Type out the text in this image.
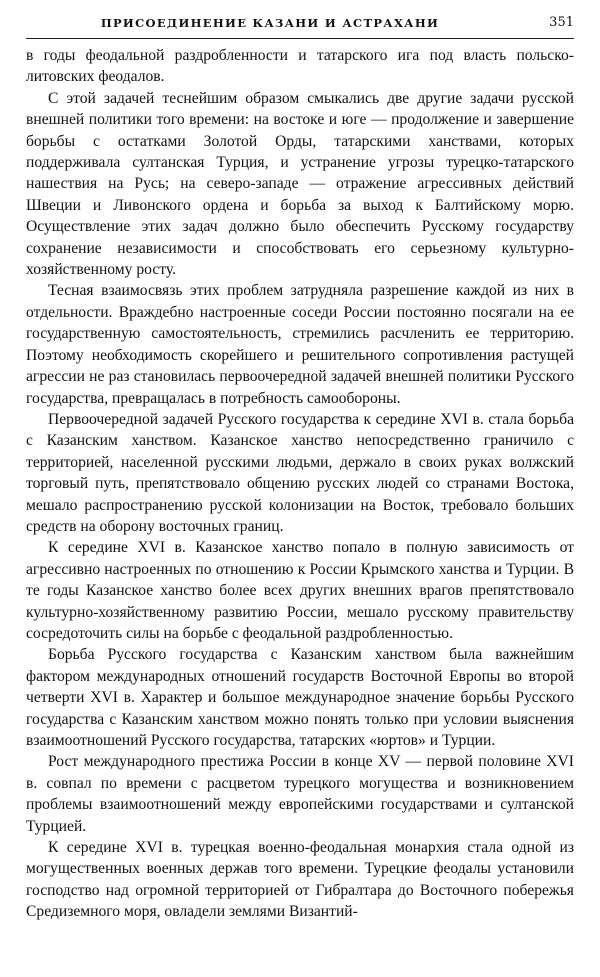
ПРИСОЕДИНЕНИЕ КАЗАНИ И АСТРАХАНИ	351

в годы феодальной раздробленности и татарского ига под власть польско-литовских феодалов.

С этой задачей теснейшим образом смыкались две другие задачи русской внешней политики того времени: на востоке и юге — продолжение и завершение борьбы с остатками Золотой Орды, татарскими ханствами, которых поддерживала султанская Турция, и устранение угрозы турецко-татарского нашествия на Русь; на северо-западе — отражение агрессивных действий Швеции и Ливонского ордена и борьба за выход к Балтийскому морю. Осуществление этих задач должно было обеспечить Русскому государству сохранение независимости и способствовать его серьезному культурно-хозяйственному росту.

Тесная взаимосвязь этих проблем затрудняла разрешение каждой из них в отдельности. Враждебно настроенные соседи России постоянно посягали на ее государственную самостоятельность, стремились расчленить ее территорию. Поэтому необходимость скорейшего и решительного сопротивления растущей агрессии не раз становилась первоочередной задачей внешней политики Русского государства, превращалась в потребность самообороны.

Первоочередной задачей Русского государства к середине XVI в. стала борьба с Казанским ханством. Казанское ханство непосредственно граничило с территорией, населенной русскими людьми, держало в своих руках волжский торговый путь, препятствовало общению русских людей со странами Востока, мешало распространению русской колонизации на Восток, требовало больших средств на оборону восточных границ.

К середине XVI в. Казанское ханство попало в полную зависимость от агрессивно настроенных по отношению к России Крымского ханства и Турции. В те годы Казанское ханство более всех других внешних врагов препятствовало культурно-хозяйственному развитию России, мешало русскому правительству сосредоточить силы на борьбе с феодальной раздробленностью.

Борьба Русского государства с Казанским ханством была важнейшим фактором международных отношений государств Восточной Европы во второй четверти XVI в. Характер и большое международное значение борьбы Русского государства с Казанским ханством можно понять только при условии выяснения взаимоотношений Русского государства, татарских «юртов» и Турции.

Рост международного престижа России в конце XV — первой половине XVI в. совпал по времени с расцветом турецкого могущества и возникновением проблемы взаимоотношений между европейскими государствами и султанской Турцией.

К середине XVI в. турецкая военно-феодальная монархия стала одной из могущественных военных держав того времени. Турецкие феодалы установили господство над огромной территорией от Гибралтара до Восточного побережья Средиземного моря, овладели землями Византий-
